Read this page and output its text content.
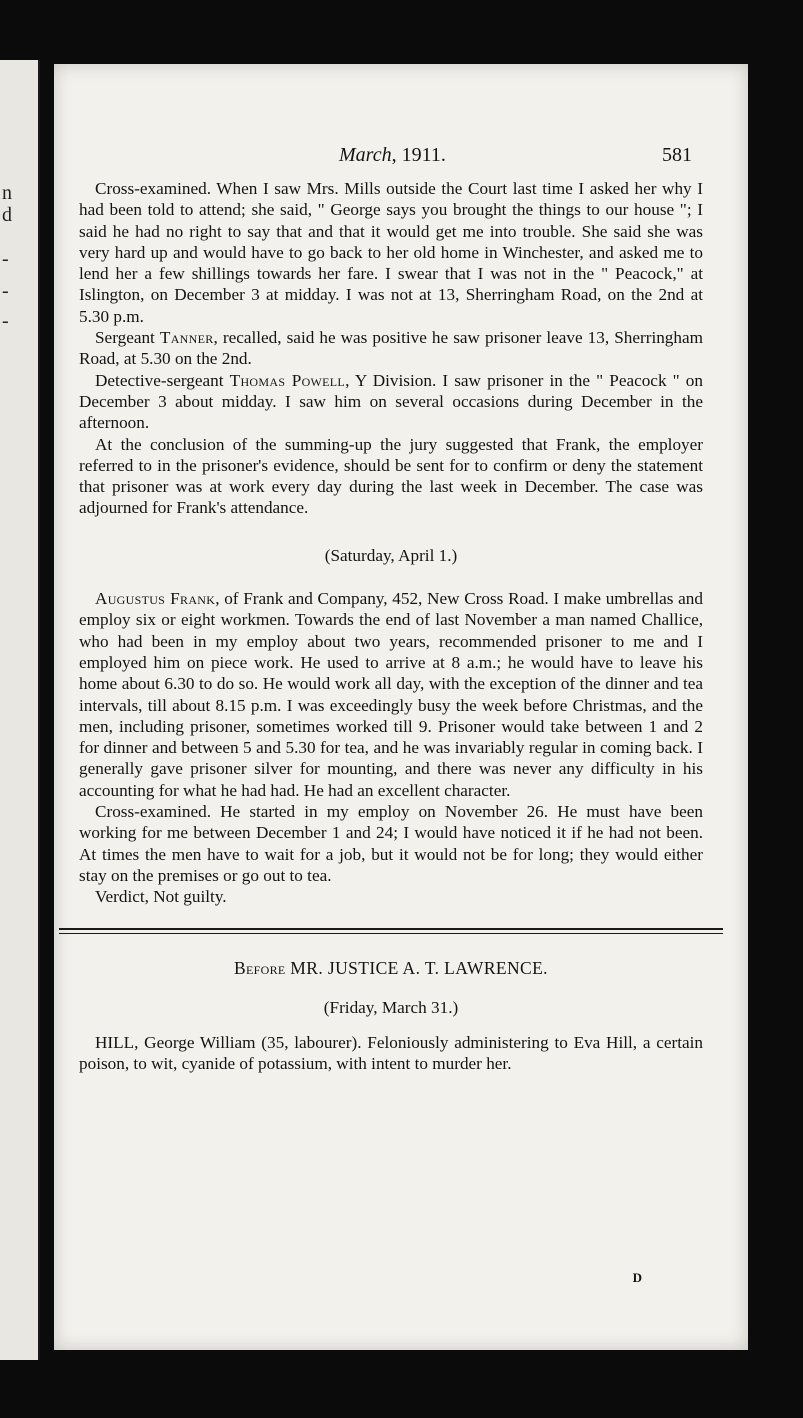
n
d
-
-
-
March, 1911.	581

Cross-examined. When I saw Mrs. Mills outside the Court last time I asked her why I had been told to attend; she said, " George says you brought the things to our house "; I said he had no right to say that and that it would get me into trouble. She said she was very hard up and would have to go back to her old home in Winchester, and asked me to lend her a few shillings towards her fare. I swear that I was not in the " Peacock," at Islington, on December 3 at midday. I was not at 13, Sherringham Road, on the 2nd at 5.30 p.m.

Sergeant Tanner, recalled, said he was positive he saw prisoner leave 13, Sherringham Road, at 5.30 on the 2nd.

Detective-sergeant Thomas Powell, Y Division. I saw prisoner in the " Peacock " on December 3 about midday. I saw him on several occasions during December in the afternoon.

At the conclusion of the summing-up the jury suggested that Frank, the employer referred to in the prisoner's evidence, should be sent for to confirm or deny the statement that prisoner was at work every day during the last week in December. The case was adjourned for Frank's attendance.

(Saturday, April 1.)

Augustus Frank, of Frank and Company, 452, New Cross Road. I make umbrellas and employ six or eight workmen. Towards the end of last November a man named Challice, who had been in my employ about two years, recommended prisoner to me and I employed him on piece work. He used to arrive at 8 a.m.; he would have to leave his home about 6.30 to do so. He would work all day, with the exception of the dinner and tea intervals, till about 8.15 p.m. I was exceedingly busy the week before Christmas, and the men, including prisoner, sometimes worked till 9. Prisoner would take between 1 and 2 for dinner and between 5 and 5.30 for tea, and he was invariably regular in coming back. I generally gave prisoner silver for mounting, and there was never any difficulty in his accounting for what he had had. He had an excellent character.

Cross-examined. He started in my employ on November 26. He must have been working for me between December 1 and 24; I would have noticed it if he had not been. At times the men have to wait for a job, but it would not be for long; they would either stay on the premises or go out to tea.

Verdict, Not guilty.

Before MR. JUSTICE A. T. LAWRENCE.

(Friday, March 31.)

HILL, George William (35, labourer). Feloniously administering to Eva Hill, a certain poison, to wit, cyanide of potassium, with intent to murder her.

D
